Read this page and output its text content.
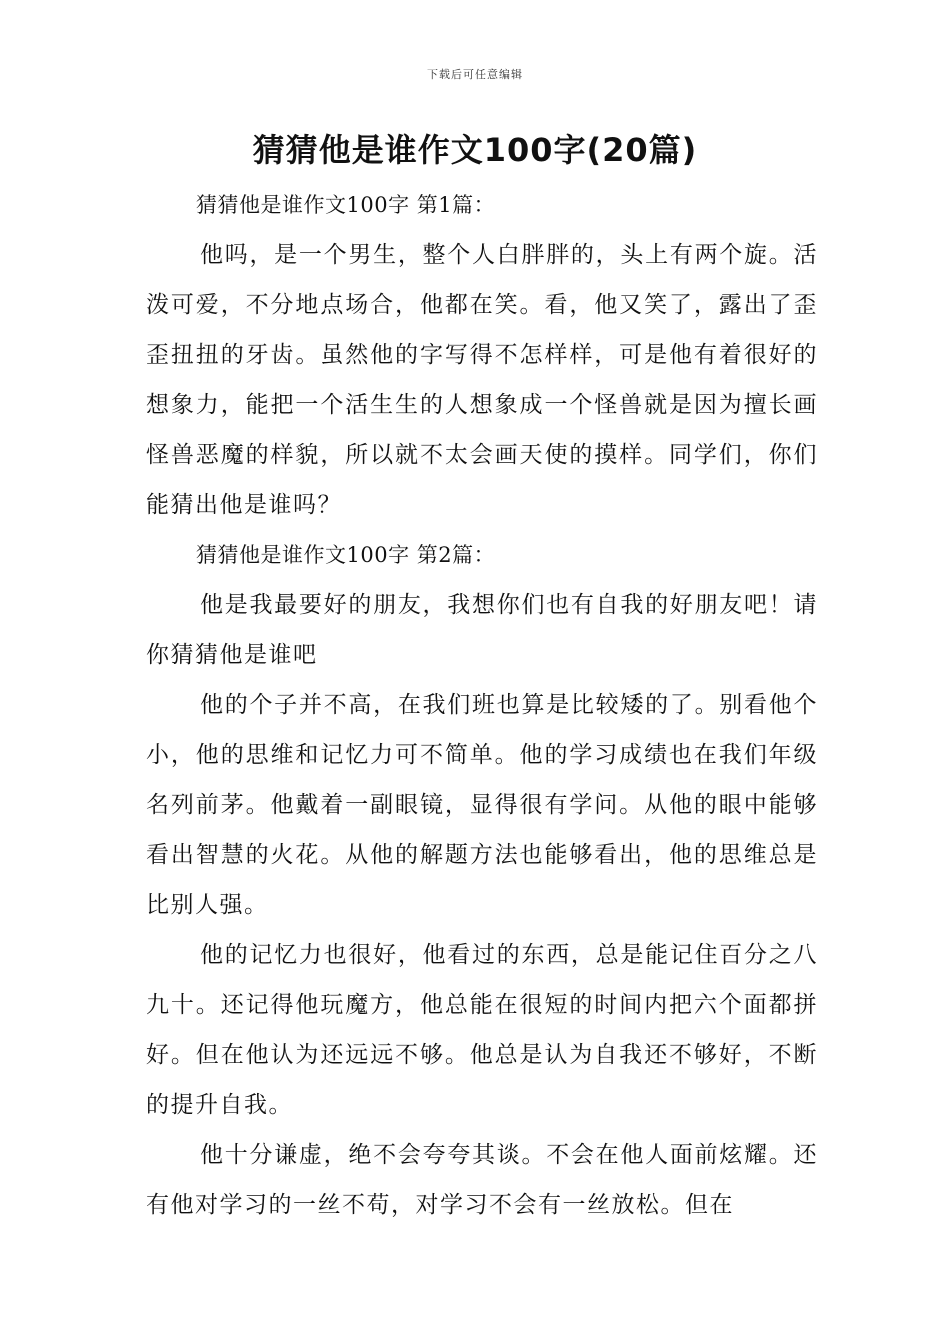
下载后可任意编辑
猜猜他是谁作文100字(20篇)

猜猜他是谁作文100字 第1篇：

他吗，是一个男生，整个人白胖胖的，头上有两个旋。活泼可爱，不分地点场合，他都在笑。看，他又笑了，露出了歪歪扭扭的牙齿。虽然他的字写得不怎样样，可是他有着很好的想象力，能把一个活生生的人想象成一个怪兽就是因为擅长画怪兽恶魔的样貌，所以就不太会画天使的摸样。同学们，你们能猜出他是谁吗？

猜猜他是谁作文100字 第2篇：

他是我最要好的朋友，我想你们也有自我的好朋友吧！请你猜猜他是谁吧

他的个子并不高，在我们班也算是比较矮的了。别看他个小，他的思维和记忆力可不简单。他的学习成绩也在我们年级名列前茅。他戴着一副眼镜，显得很有学问。从他的眼中能够看出智慧的火花。从他的解题方法也能够看出，他的思维总是比别人强。

他的记忆力也很好，他看过的东西，总是能记住百分之八九十。还记得他玩魔方，他总能在很短的时间内把六个面都拼好。但在他认为还远远不够。他总是认为自我还不够好，不断的提升自我。

他十分谦虚，绝不会夸夸其谈。不会在他人面前炫耀。还有他对学习的一丝不苟，对学习不会有一丝放松。但在
